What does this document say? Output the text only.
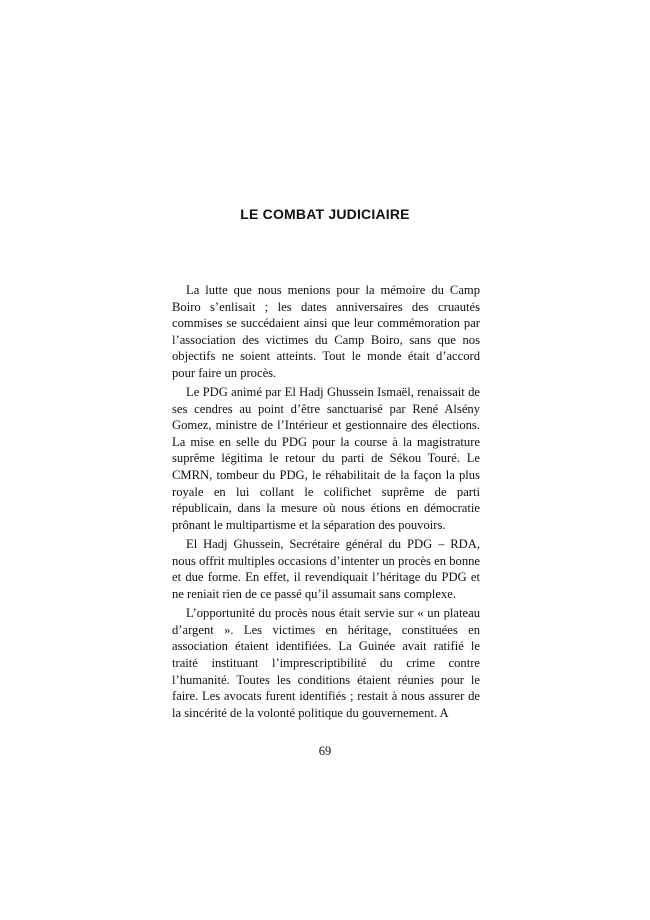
LE COMBAT JUDICIAIRE

La lutte que nous menions pour la mémoire du Camp Boiro s’enlisait ; les dates anniversaires des cruautés commises se succédaient ainsi que leur commémoration par l’association des victimes du Camp Boiro, sans que nos objectifs ne soient atteints. Tout le monde était d’accord pour faire un procès.

Le PDG animé par El Hadj Ghussein Ismaël, renaissait de ses cendres au point d’être sanctuarisé par René Alsény Gomez, ministre de l’Intérieur et gestionnaire des élections. La mise en selle du PDG pour la course à la magistrature suprême légitima le retour du parti de Sékou Touré. Le CMRN, tombeur du PDG, le réhabilitait de la façon la plus royale en lui collant le colifichet suprême de parti républicain, dans la mesure où nous étions en démocratie prônant le multipartisme et la séparation des pouvoirs.

El Hadj Ghussein, Secrétaire général du PDG – RDA, nous offrit multiples occasions d’intenter un procès en bonne et due forme. En effet, il revendiquait l’héritage du PDG et ne reniait rien de ce passé qu’il assumait sans complexe.

L’opportunité du procès nous était servie sur « un plateau d’argent ». Les victimes en héritage, constituées en association étaient identifiées. La Guinée avait ratifié le traité instituant l’imprescriptibilité du crime contre l’humanité. Toutes les conditions étaient réunies pour le faire. Les avocats furent identifiés ; restait à nous assurer de la sincérité de la volonté politique du gouvernement. A

69
